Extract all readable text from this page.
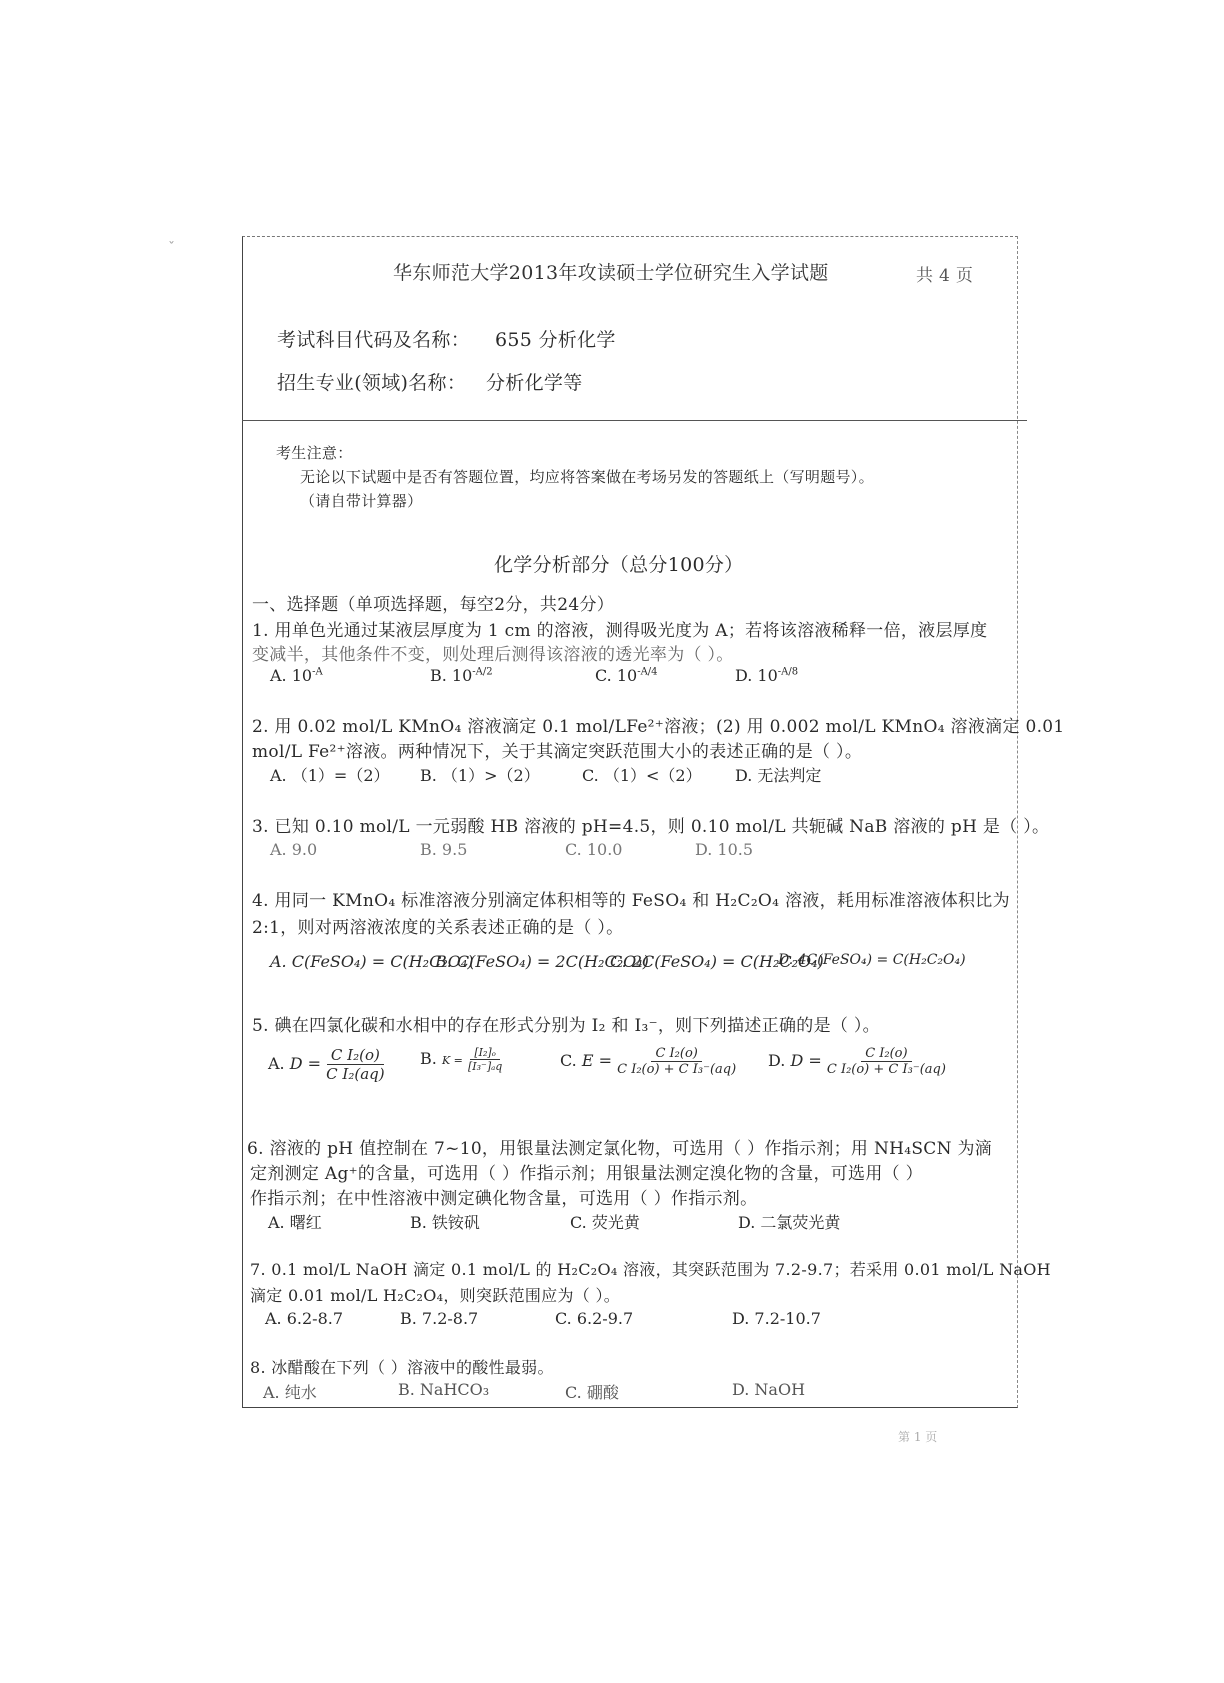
ˇ
华东师范大学2013年攻读硕士学位研究生入学试题	共 4 页
考试科目代码及名称： 655 分析化学
招生专业(领域)名称： 分析化学等
考生注意：
无论以下试题中是否有答题位置，均应将答案做在考场另发的答题纸上（写明题号）。
（请自带计算器）
化学分析部分（总分100分）
一、选择题（单项选择题，每空2分，共24分）
1. 用单色光通过某液层厚度为 1 cm 的溶液，测得吸光度为 A；若将该溶液稀释一倍，液层厚度
变减半，其他条件不变，则处理后测得该溶液的透光率为（ ）。
A. $10^{-A}$	B. $10^{-A/2}$	C. $10^{-A/4}$	D. $10^{-A/8}$
2. 用 0.02 mol/L KMnO₄ 溶液滴定 0.1 mol/LFe²⁺溶液；(2) 用 0.002 mol/L KMnO₄ 溶液滴定 0.01
mol/L Fe²⁺溶液。两种情况下，关于其滴定突跃范围大小的表述正确的是（ ）。
A. （1）=（2） B. （1）>（2）	C. （1）<（2） D. 无法判定
3. 已知 0.10 mol/L 一元弱酸 HB 溶液的 pH=4.5，则 0.10 mol/L 共轭碱 NaB 溶液的 pH 是（ ）。
A. 9.0	B. 9.5	C. 10.0	D. 10.5
4. 用同一 KMnO₄ 标准溶液分别滴定体积相等的 FeSO₄ 和 H₂C₂O₄ 溶液，耗用标准溶液体积比为
2:1，则对两溶液浓度的关系表述正确的是（ ）。
A. C(FeSO₄) = C(H₂C₂O₄)
B. C(FeSO₄) = 2C(H₂C₂O₄)
C. 2C(FeSO₄) = C(H₂C₂O₄)
D. 4C(FeSO₄) = C(H₂C₂O₄)
5. 碘在四氯化碳和水相中的存在形式分别为 I₂ 和 I₃⁻，则下列描述正确的是（ ）。
A. $D = \frac{\text{C I₂(o)}}{\text{C I₂(aq)}} B$. $K = \frac{\text{[I₂]ₒ}}{\text{[I₃⁻]ₐq}}$	C. $E = \frac{\text{C I₂(o)}}{\text{C I₂(o) + C I₃⁻(aq)}} D$. $D = \frac{\text{C I₂(o)}}{\text{C I₂(o) + C I₃⁻(aq)}}$
6. 溶液的 pH 值控制在 7~10，用银量法测定氯化物，可选用（ ）作指示剂；用 NH₄SCN 为滴
定剂测定 Ag⁺的含量，可选用（ ）作指示剂；用银量法测定溴化物的含量，可选用（ ）
作指示剂；在中性溶液中测定碘化物含量，可选用（ ）作指示剂。
A. 曙红	B. 铁铵矾	C. 荧光黄	D. 二氯荧光黄
7. 0.1 mol/L NaOH 滴定 0.1 mol/L 的 H₂C₂O₄ 溶液，其突跃范围为 7.2-9.7；若采用 0.01 mol/L NaOH
滴定 0.01 mol/L H₂C₂O₄，则突跃范围应为（ ）。
A. 6.2-8.7	B. 7.2-8.7	C. 6.2-9.7	D. 7.2-10.7
8. 冰醋酸在下列（ ）溶液中的酸性最弱。
A. 纯水	B. NaHCO₃	C. 硼酸	D. NaOH
第 1 页
